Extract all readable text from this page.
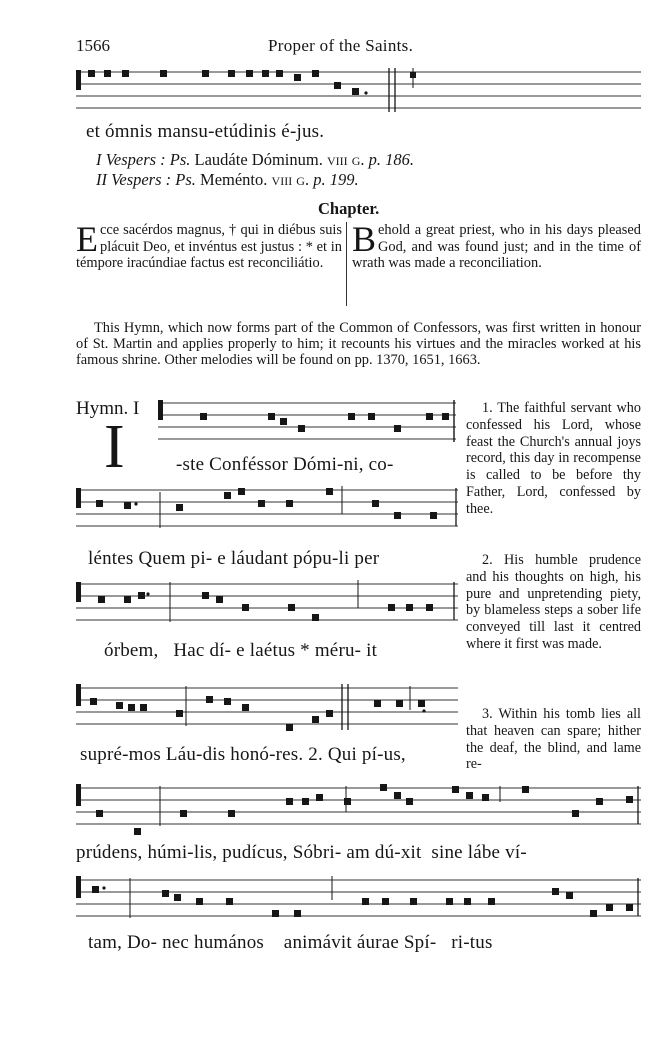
1566	Proper of the Saints.
et ómnis mansu-etúdinis é-jus.
I Vespers : Ps. Laudáte Dóminum. viii g. p. 186.
II Vespers : Ps. Meménto. viii g. p. 199.
Chapter.
Ecce sacérdos magnus, † qui in diébus suis plácuit Deo, et invéntus est justus : * et in témpore iracúndiae factus est reconciliátio.
Behold a great priest, who in his days pleased God, and was found just; and in the time of wrath was made a reconciliation.
This Hymn, which now forms part of the Common of Confessors, was first written in honour of St. Martin and applies properly to him; it recounts his virtues and the miracles worked at his famous shrine. Other melodies will be found on pp. 1370, 1651, 1663.
Hymn. I
I	-ste Conféssor Dómi-ni, co-
léntes Quem pi- e láudant pópu-li per
órbem,   Hac dí- e laétus * méru- it
supré-mos Láu-dis honó-res. 2. Qui pí-us,
1. The faithful servant who confessed his Lord, whose feast the Church's annual joys record, this day in recompense is called to be before thy Father, Lord, confessed by thee.
2. His humble prudence and his thoughts on high, his pure and unpretending piety, by blameless steps a sober life conveyed till last it centred where it first was made.
3. Within his tomb lies all that heaven can spare; hither the deaf, the blind, and lame re-
prúdens, húmi-lis, pudícus, Sóbri- am dú-xit  sine lábe ví-
tam, Do- nec humános    animávit áurae Spí-   ri-tus
